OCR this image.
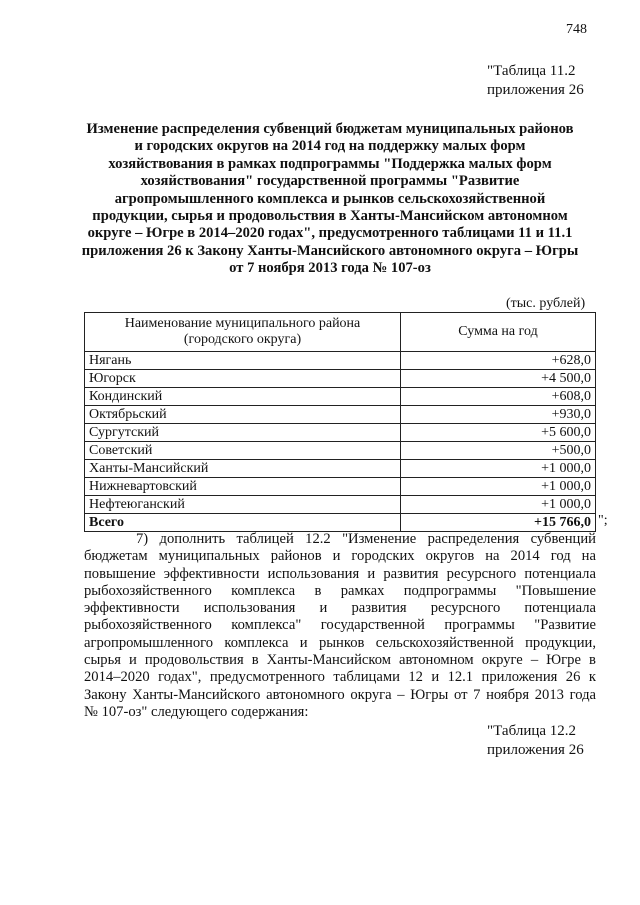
748
"Таблица 11.2
приложения 26
Изменение распределения субвенций бюджетам муниципальных районов
и городских округов на 2014 год на поддержку малых форм
хозяйствования в рамках подпрограммы "Поддержка малых форм
хозяйствования" государственной программы "Развитие
агропромышленного комплекса и рынков сельскохозяйственной
продукции, сырья и продовольствия в Ханты-Мансийском автономном
округе – Югре в 2014–2020 годах", предусмотренного таблицами 11 и 11.1
приложения 26 к Закону Ханты-Мансийского автономного округа – Югры
от 7 ноября 2013 года № 107-оз
(тыс. рублей)
Наименование муниципального района
(городского округа)	Сумма на год
Нягань	+628,0
Югорск	+4 500,0
Кондинский	+608,0
Октябрьский	+930,0
Сургутский	+5 600,0
Советский	+500,0
Ханты-Мансийский	+1 000,0
Нижневартовский	+1 000,0
Нефтеюганский	+1 000,0
Всего	+15 766,0 ";
7) дополнить таблицей 12.2 "Изменение распределения субвенций
бюджетам муниципальных районов и городских округов на 2014 год на
повышение эффективности использования и развития ресурсного потенциала
рыбохозяйственного комплекса в рамках подпрограммы "Повышение
эффективности использования и развития ресурсного потенциала
рыбохозяйственного комплекса" государственной программы "Развитие
агропромышленного комплекса и рынков сельскохозяйственной продукции,
сырья и продовольствия в Ханты-Мансийском автономном округе – Югре в
2014–2020 годах", предусмотренного таблицами 12 и 12.1 приложения 26 к
Закону Ханты-Мансийского автономного округа – Югры от 7 ноября 2013 года
№ 107-оз" следующего содержания:
"Таблица 12.2
приложения 26
